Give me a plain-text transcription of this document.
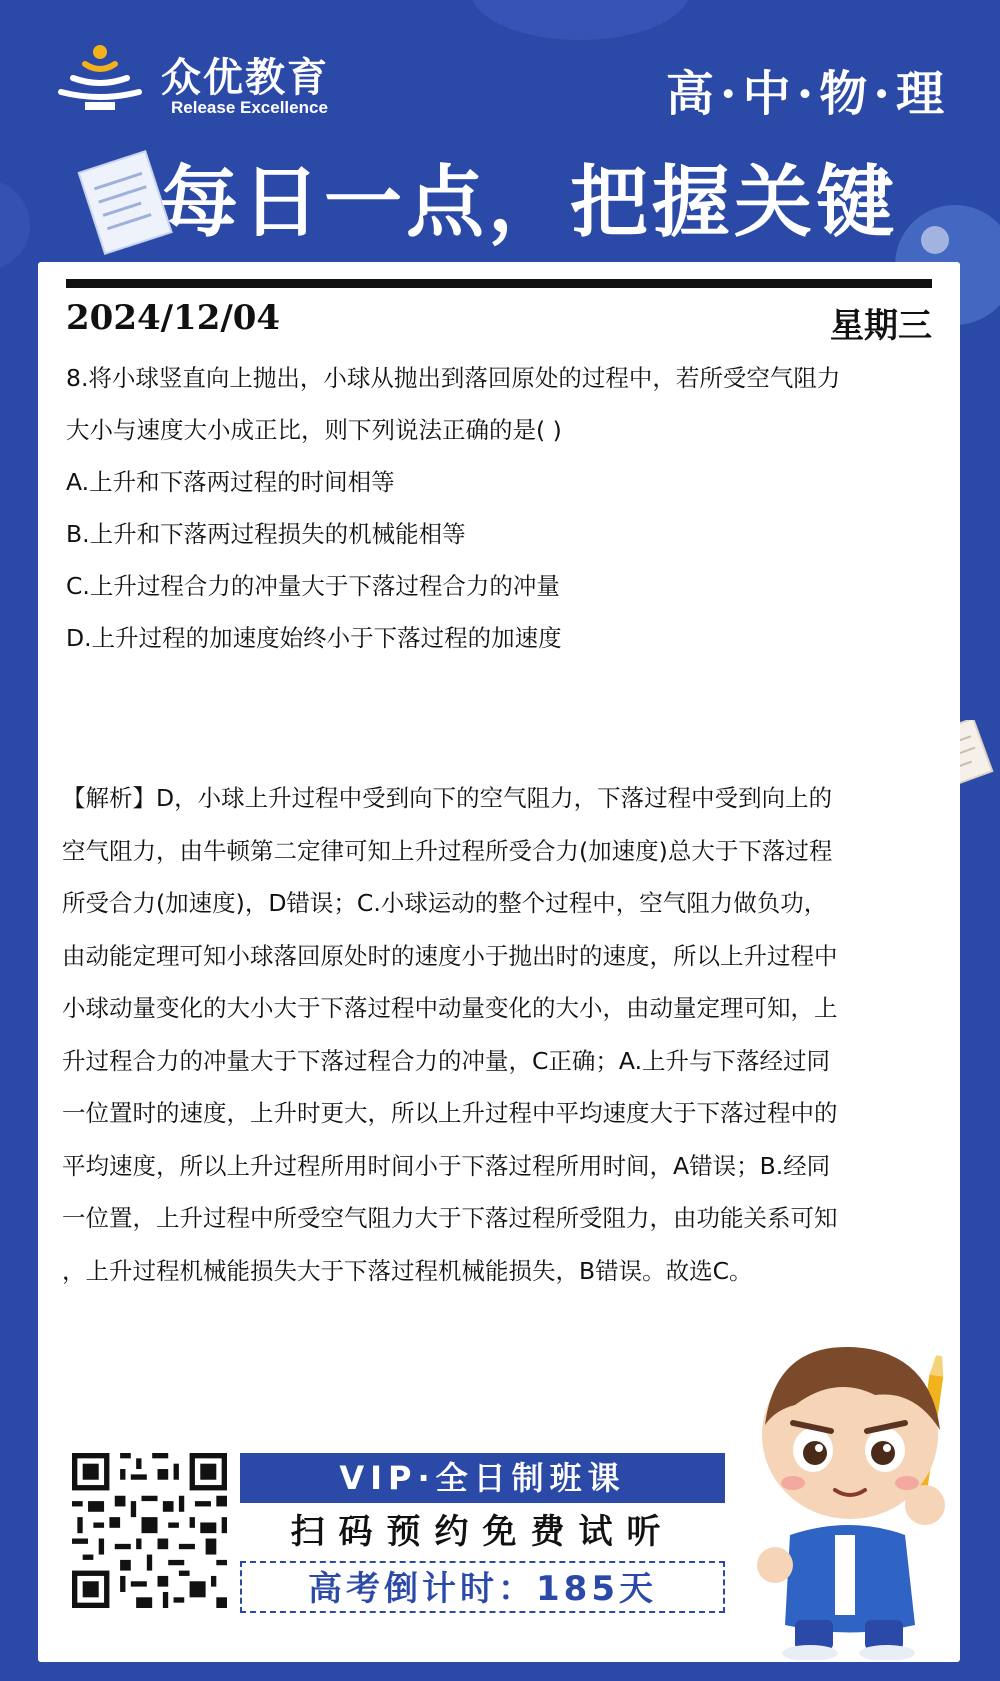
众优教育
Release Excellence	高·中·物·理
每日一点，把握关键
2024/12/04	星期三

8.将小球竖直向上抛出，小球从抛出到落回原处的过程中，若所受空气阻力

大小与速度大小成正比，则下列说法正确的是( )

A.上升和下落两过程的时间相等

B.上升和下落两过程损失的机械能相等

C.上升过程合力的冲量大于下落过程合力的冲量

D.上升过程的加速度始终小于下落过程的加速度

【解析】D，小球上升过程中受到向下的空气阻力，下落过程中受到向上的

空气阻力，由牛顿第二定律可知上升过程所受合力(加速度)总大于下落过程

所受合力(加速度)，D错误；C.小球运动的整个过程中，空气阻力做负功，

由动能定理可知小球落回原处时的速度小于抛出时的速度，所以上升过程中

小球动量变化的大小大于下落过程中动量变化的大小，由动量定理可知，上

升过程合力的冲量大于下落过程合力的冲量，C正确；A.上升与下落经过同

一位置时的速度，上升时更大，所以上升过程中平均速度大于下落过程中的

平均速度，所以上升过程所用时间小于下落过程所用时间，A错误；B.经同

一位置，上升过程中所受空气阻力大于下落过程所受阻力，由功能关系可知

，上升过程机械能损失大于下落过程机械能损失，B错误。故选C。

VIP·全日制班课
扫码预约免费试听
高考倒计时：185天
